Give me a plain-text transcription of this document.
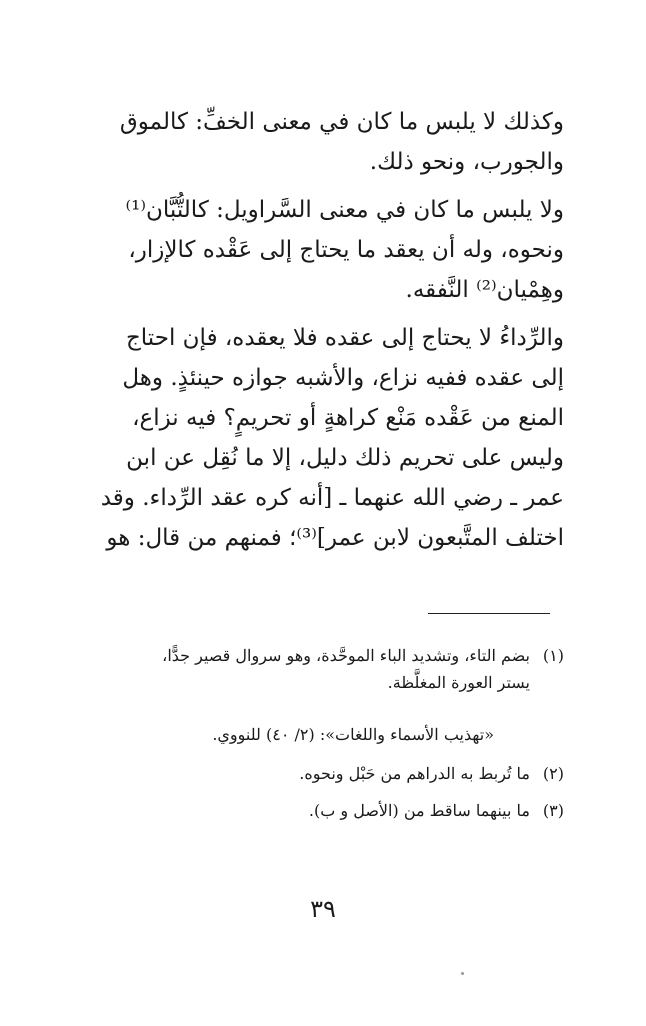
وكذلك لا يلبس ما كان في معنى الخفِّ: كالموق
والجورب، ونحو ذلك.
ولا يلبس ما كان في معنى السَّراويل: كالتُّبَّان⁽¹⁾
ونحوه، وله أن يعقد ما يحتاج إلى عَقْده كالإزار،
وهِمْيان⁽²⁾ النَّفقه.
والرِّداءُ لا يحتاج إلى عقده فلا يعقده، فإن احتاج
إلى عقده ففيه نزاع، والأشبه جوازه حينئذٍ. وهل
المنع من عَقْده مَنْع كراهةٍ أو تحريمٍ؟ فيه نزاع،
وليس على تحريم ذلك دليل، إلا ما نُقِل عن ابن
عمر ـ رضي الله عنهما ـ [أنه كره عقد الرِّداء. وقد
اختلف المتَّبعون لابن عمر]⁽³⁾؛ فمنهم من قال: هو
(١)
بضم التاء، وتشديد الباء الموحَّدة، وهو سروال قصير جدًّا،
يستر العورة المغلَّظة.
«تهذيب الأسماء واللغات»: (٢/ ٤٠) للنووي.
(٢)
ما تُربط به الدراهم من حَبْل ونحوه.
(٣)
ما بينهما ساقط من (الأصل و ب).
٣٩
